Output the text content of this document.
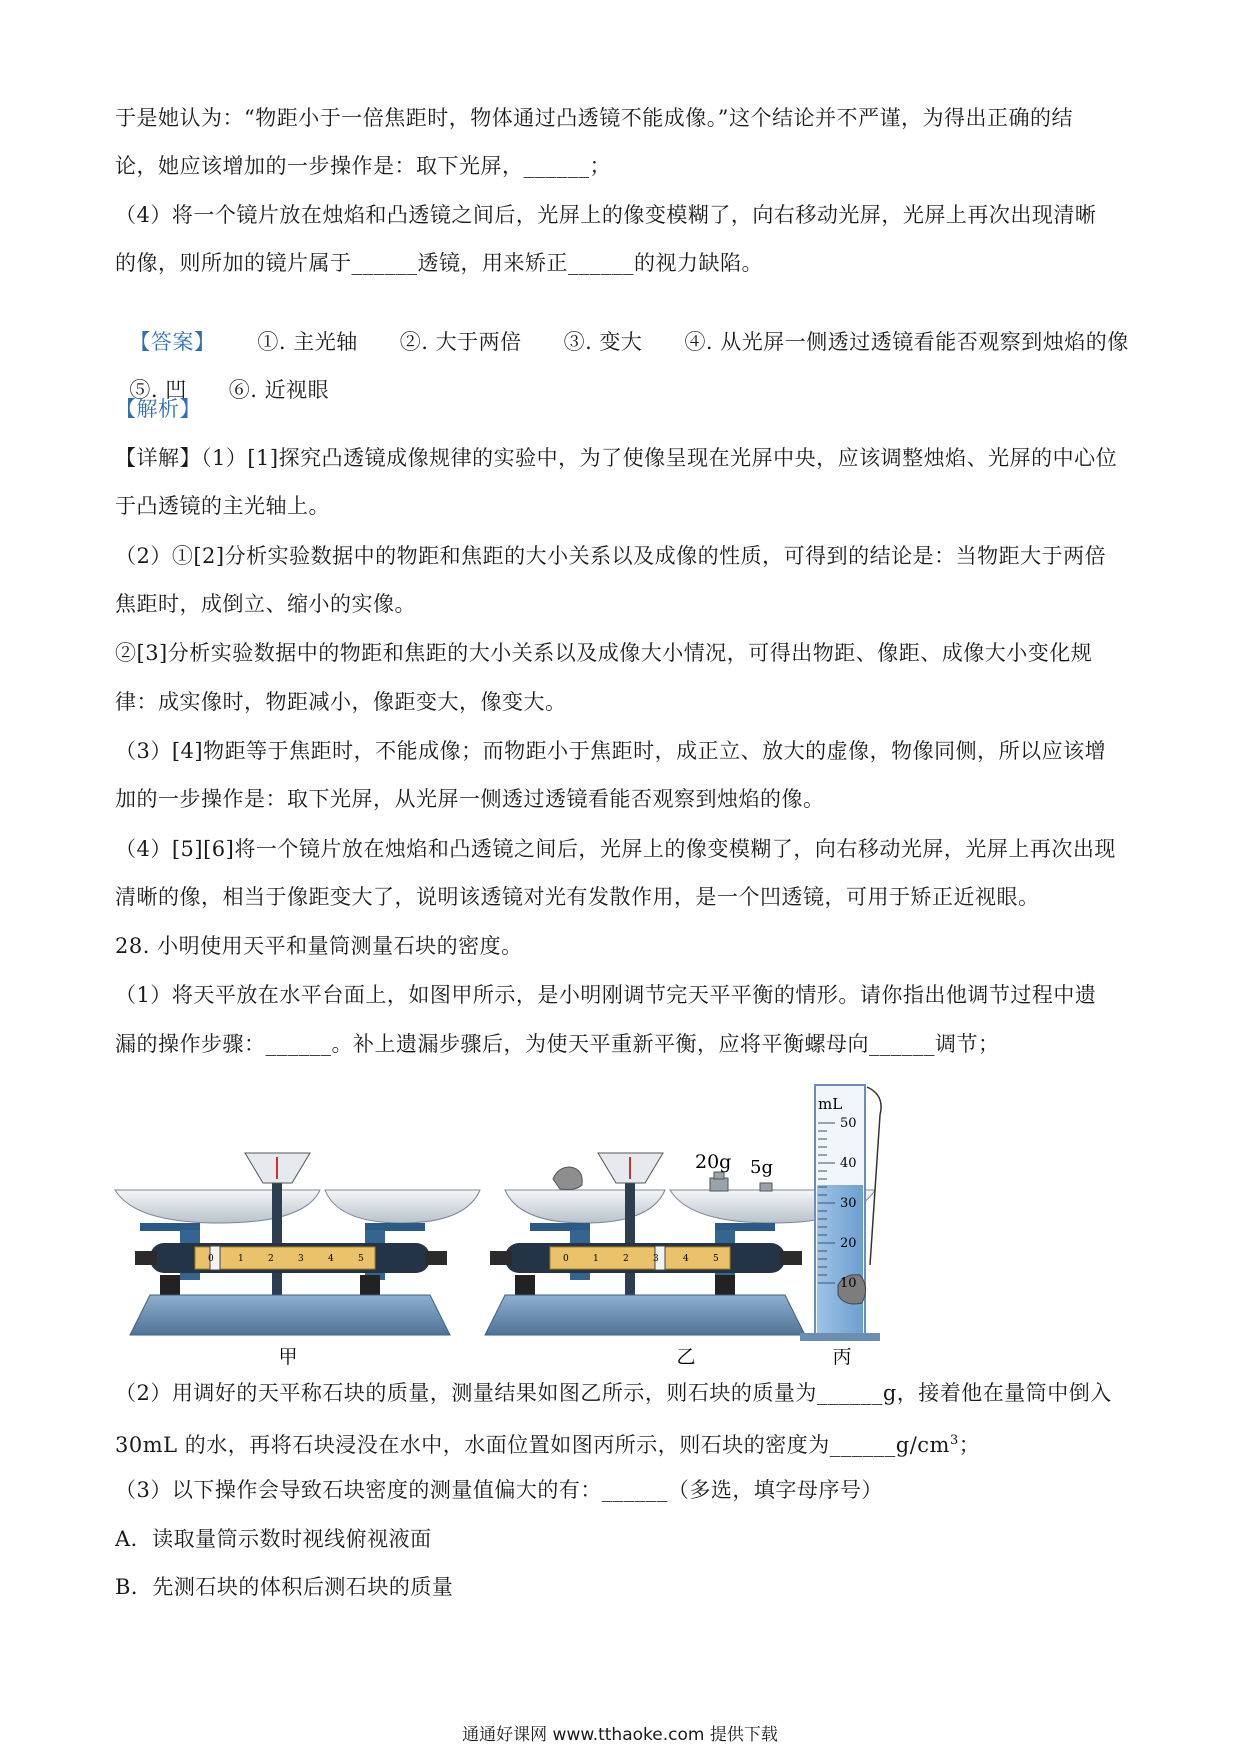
于是她认为：“物距小于一倍焦距时，物体通过凸透镜不能成像。”这个结论并不严谨，为得出正确的结
论，她应该增加的一步操作是：取下光屏，______；
（4）将一个镜片放在烛焰和凸透镜之间后，光屏上的像变模糊了，向右移动光屏，光屏上再次出现清晰
的像，则所加的镜片属于______透镜，用来矫正______的视力缺陷。

【答案】 ①. 主光轴 ②. 大于两倍 ③. 变大 ④. 从光屏一侧透过透镜看能否观察到烛焰的像

⑤. 凹 ⑥. 近视眼

【解析】
【详解】（1）[1]探究凸透镜成像规律的实验中，为了使像呈现在光屏中央，应该调整烛焰、光屏的中心位
于凸透镜的主光轴上。
（2）①[2]分析实验数据中的物距和焦距的大小关系以及成像的性质，可得到的结论是：当物距大于两倍
焦距时，成倒立、缩小的实像。
②[3]分析实验数据中的物距和焦距的大小关系以及成像大小情况，可得出物距、像距、成像大小变化规
律：成实像时，物距减小，像距变大，像变大。
（3）[4]物距等于焦距时，不能成像；而物距小于焦距时，成正立、放大的虚像，物像同侧，所以应该增
加的一步操作是：取下光屏，从光屏一侧透过透镜看能否观察到烛焰的像。
（4）[5][6]将一个镜片放在烛焰和凸透镜之间后，光屏上的像变模糊了，向右移动光屏，光屏上再次出现
清晰的像，相当于像距变大了，说明该透镜对光有发散作用，是一个凹透镜，可用于矫正近视眼。
28. 小明使用天平和量筒测量石块的密度。
（1）将天平放在水平台面上，如图甲所示，是小明刚调节完天平平衡的情形。请你指出他调节过程中遗
漏的操作步骤：______。补上遗漏步骤后，为使天平重新平衡，应将平衡螺母向______调节；
0	1	2	3	4	5
甲
20g 5g
0	1	2	3	4	5
乙
mL
50
40
30
20
10
丙
（2）用调好的天平称石块的质量，测量结果如图乙所示，则石块的质量为______g，接着他在量筒中倒入
30mL 的水，再将石块浸没在水中，水面位置如图丙所示，则石块的密度为$\_\_\_\_\_\_g/cm^3$；
（3）以下操作会导致石块密度的测量值偏大的有：______（多选，填字母序号）
A．读取量筒示数时视线俯视液面
B．先测石块的体积后测石块的质量
通通好课网 www.tthaoke.com 提供下载
